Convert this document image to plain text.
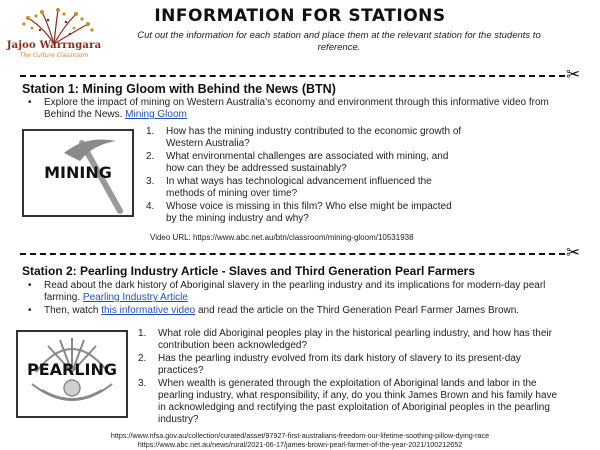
Jajoo Warrngara
The Culture Classroom
INFORMATION FOR STATIONS
Cut out the information for each station and place them at the relevant station for the students to reference.
✂
Station 1: Mining Gloom with Behind the News (BTN)
• Explore the impact of mining on Western Australia’s economy and environment through this informative video from Behind the News. Mining Gloom
MINING
1. How has the mining industry contributed to the economic growth of Western Australia?
2. What environmental challenges are associated with mining, and how can they be addressed sustainably?
3. In what ways has technological advancement influenced the methods of mining over time?
4. Whose voice is missing in this film? Who else might be impacted by the mining industry and why?
Video URL: https://www.abc.net.au/btn/classroom/mining-gloom/10531938
✂
Station 2: Pearling Industry Article - Slaves and Third Generation Pearl Farmers
• Read about the dark history of Aboriginal slavery in the pearling industry and its implications for modern-day pearl farming. Pearling Industry Article
• Then, watch this informative video and read the article on the Third Generation Pearl Farmer James Brown.
PEARLING
1. What role did Aboriginal peoples play in the historical pearling industry, and how has their contribution been acknowledged?
2. Has the pearling industry evolved from its dark history of slavery to its present-day practices?
3. When wealth is generated through the exploitation of Aboriginal lands and labor in the pearling industry, what responsibility, if any, do you think James Brown and his family have in acknowledging and rectifying the past exploitation of Aboriginal peoples in the pearling industry?
https://www.nfsa.gov.au/collection/curated/asset/97927-first-australians-freedom-our-lifetime-soothing-pillow-dying-race
https://www.abc.net.au/news/rural/2021-06-17/james-brown-pearl-farmer-of-the-year-2021/100212652
